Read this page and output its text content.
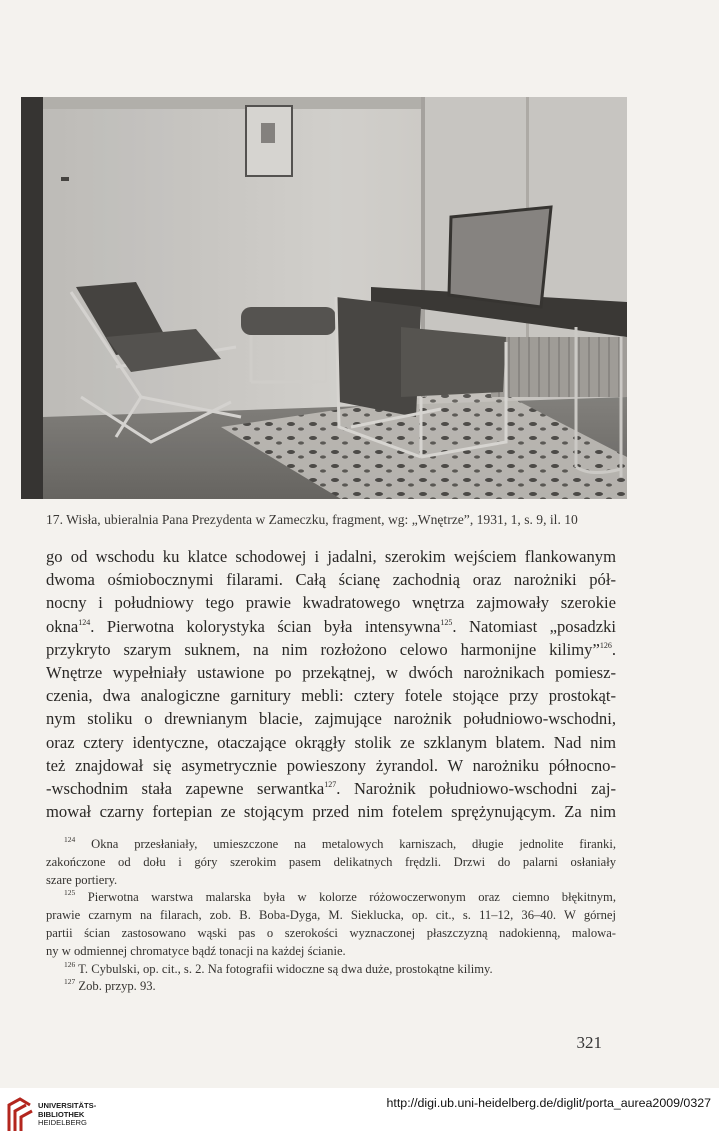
17. Wisła, ubieralnia Pana Prezydenta w Zameczku, fragment, wg: „Wnętrze”, 1931, 1, s. 9, il. 10
go od wschodu ku klatce schodowej i jadalni, szerokim wejściem flankowanym
dwoma ośmiobocznymi filarami. Całą ścianę zachodnią oraz narożniki pół-
nocny i południowy tego prawie kwadratowego wnętrza zajmowały szerokie
okna$^{124}$. Pierwotna kolorystyka ścian była intensywna$^{125}$. Natomiast „posadzki
przykryto szarym suknem, na nim rozłożono celowo harmonijne kilimy”$^{126}$.
Wnętrze wypełniały ustawione po przekątnej, w dwóch narożnikach pomiesz-
czenia, dwa analogiczne garnitury mebli: cztery fotele stojące przy prostokąt-
nym stoliku o drewnianym blacie, zajmujące narożnik południowo-wschodni,
oraz cztery identyczne, otaczające okrągły stolik ze szklanym blatem. Nad nim
też znajdował się asymetrycznie powieszony żyrandol. W narożniku północno-
-wschodnim stała zapewne serwantka$^{127}$. Narożnik południowo-wschodni zaj-
mował czarny fortepian ze stojącym przed nim fotelem sprężynującym. Za nim
$^{124}$ Okna przesłaniały, umieszczone na metalowych karniszach, długie jednolite firanki,
zakończone od dołu i góry szerokim pasem delikatnych frędzli. Drzwi do palarni osłaniały
szare portiery.
$^{125}$ Pierwotna warstwa malarska była w kolorze różowoczerwonym oraz ciemno błękitnym,
prawie czarnym na filarach, zob. B. Boba-Dyga, M. Sieklucka, op. cit., s. 11–12, 36–40. W górnej
partii ścian zastosowano wąski pas o szerokości wyznaczonej płaszczyzną nadokienną, malowa-
ny w odmiennej chromatyce bądź tonacji na każdej ścianie.
$^{126}$ T. Cybulski, op. cit., s. 2. Na fotografii widoczne są dwa duże, prostokątne kilimy.
$^{127}$ Zob. przyp. 93.
321
UNIVERSITÄTS-
BIBLIOTHEK
HEIDELBERG
http://digi.ub.uni-heidelberg.de/diglit/porta_aurea2009/0327
